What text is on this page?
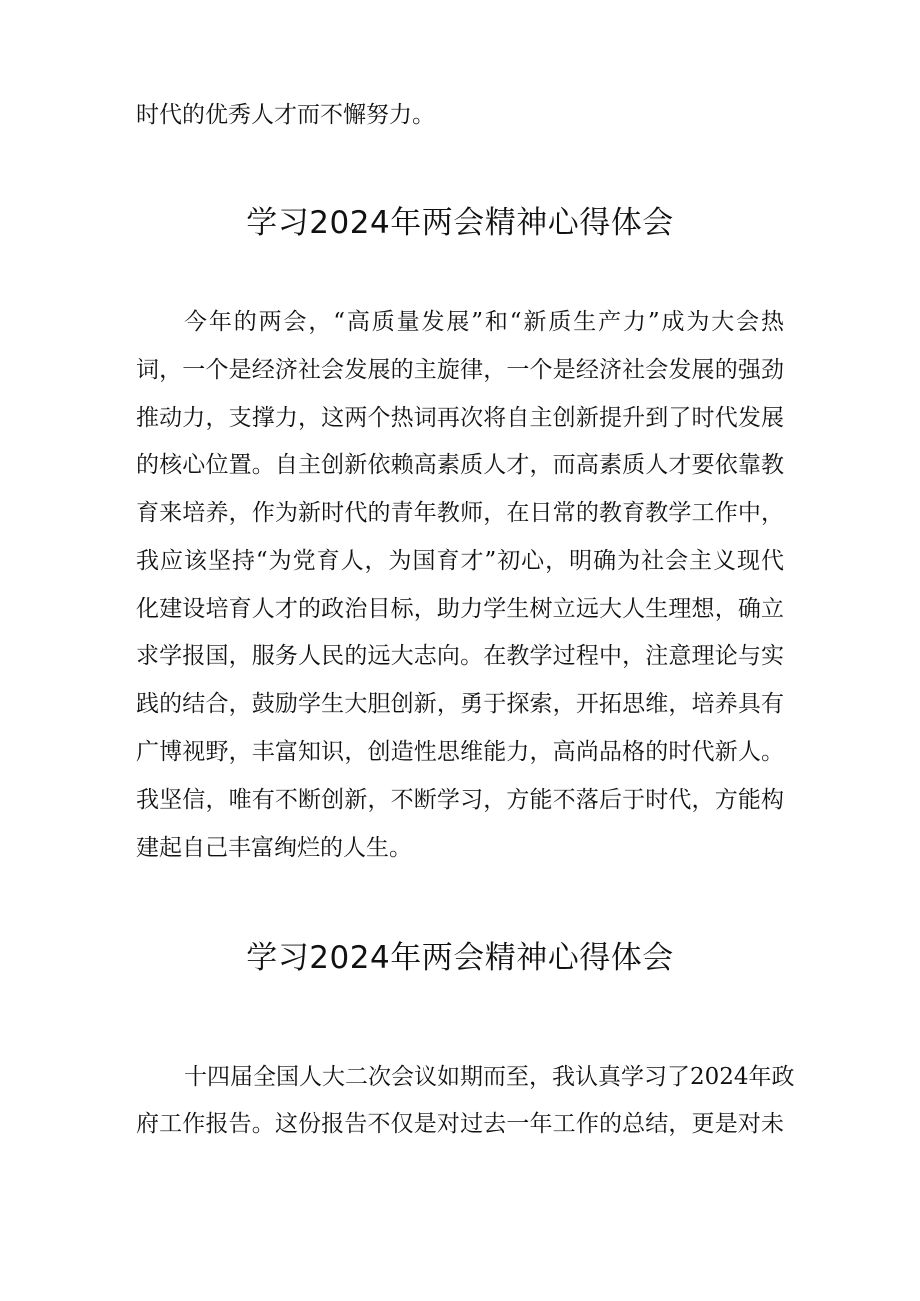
时代的优秀人才而不懈努力。
学习2024年两会精神心得体会
今年的两会，“高质量发展”和“新质生产力”成为大会热
词，一个是经济社会发展的主旋律，一个是经济社会发展的强劲
推动力，支撑力，这两个热词再次将自主创新提升到了时代发展
的核心位置。自主创新依赖高素质人才，而高素质人才要依靠教
育来培养，作为新时代的青年教师，在日常的教育教学工作中，
我应该坚持“为党育人，为国育才”初心，明确为社会主义现代
化建设培育人才的政治目标，助力学生树立远大人生理想，确立
求学报国，服务人民的远大志向。在教学过程中，注意理论与实
践的结合，鼓励学生大胆创新，勇于探索，开拓思维，培养具有
广博视野，丰富知识，创造性思维能力，高尚品格的时代新人。
我坚信，唯有不断创新，不断学习，方能不落后于时代，方能构
建起自己丰富绚烂的人生。
学习2024年两会精神心得体会
十四届全国人大二次会议如期而至，我认真学习了2024年政
府工作报告。这份报告不仅是对过去一年工作的总结，更是对未
